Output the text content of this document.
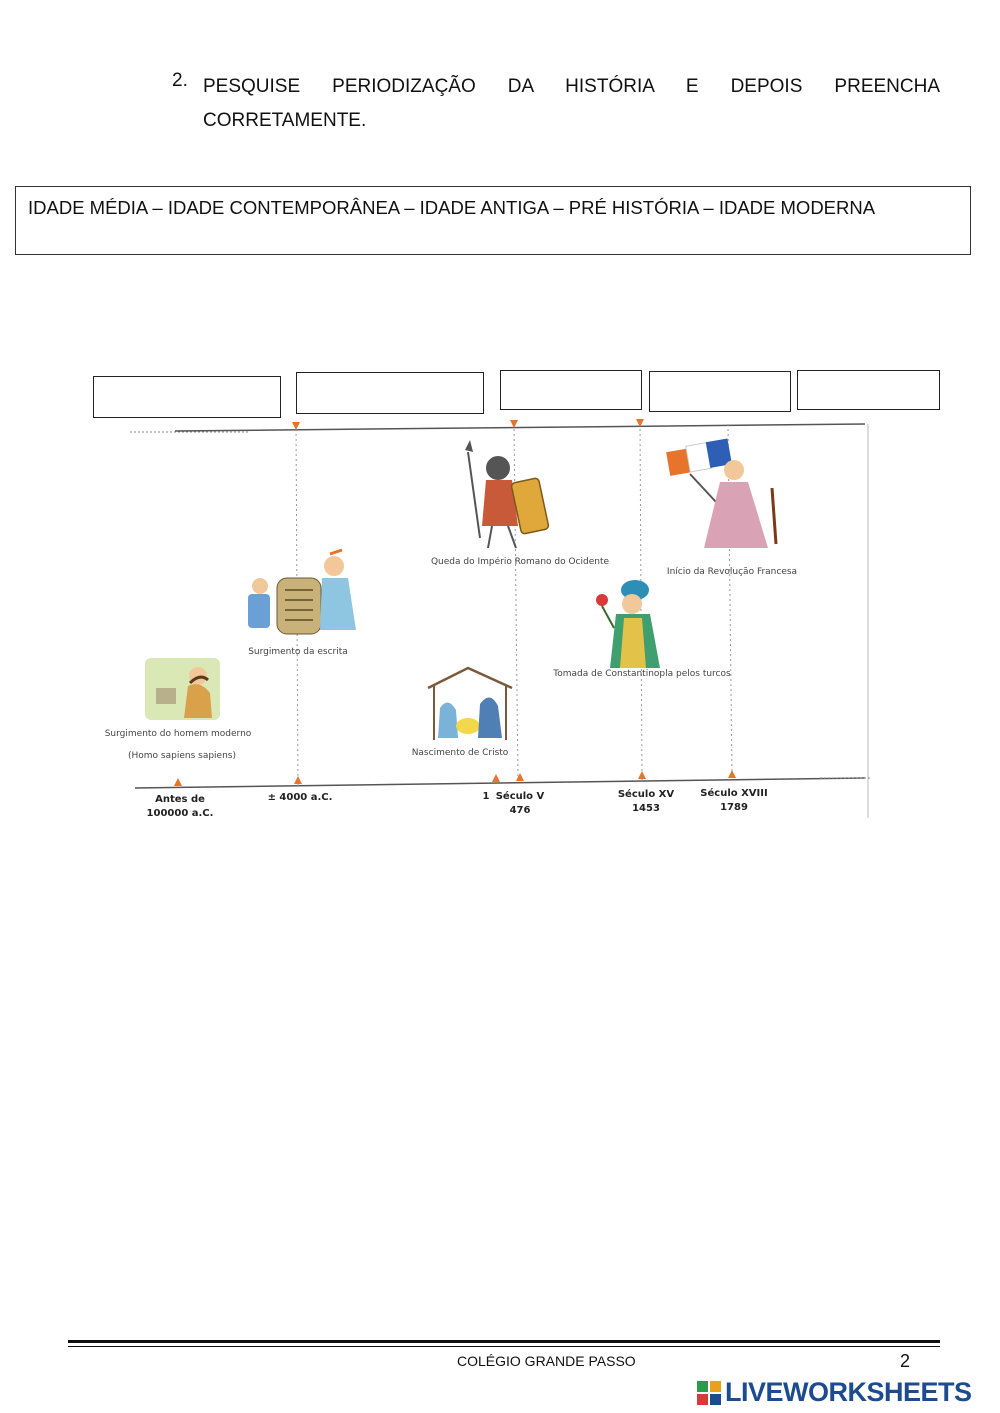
2. PESQUISE PERIODIZAÇÃO DA HISTÓRIA E DEPOIS PREENCHA CORRETAMENTE.
IDADE MÉDIA – IDADE CONTEMPORÂNEA – IDADE ANTIGA – PRÉ HISTÓRIA – IDADE MODERNA
Surgimento do homem moderno
(Homo sapiens sapiens)
Surgimento da escrita
Nascimento de Cristo
Queda do Império Romano do Ocidente
Tomada de Constantinopla pelos turcos
Início da Revolução Francesa
Antes de
100000 a.C.
± 4000 a.C.	1 Século V
476
Século XV
1453
Século XVIII
1789
COLÉGIO GRANDE PASSO	2
LIVEWORKSHEETS
